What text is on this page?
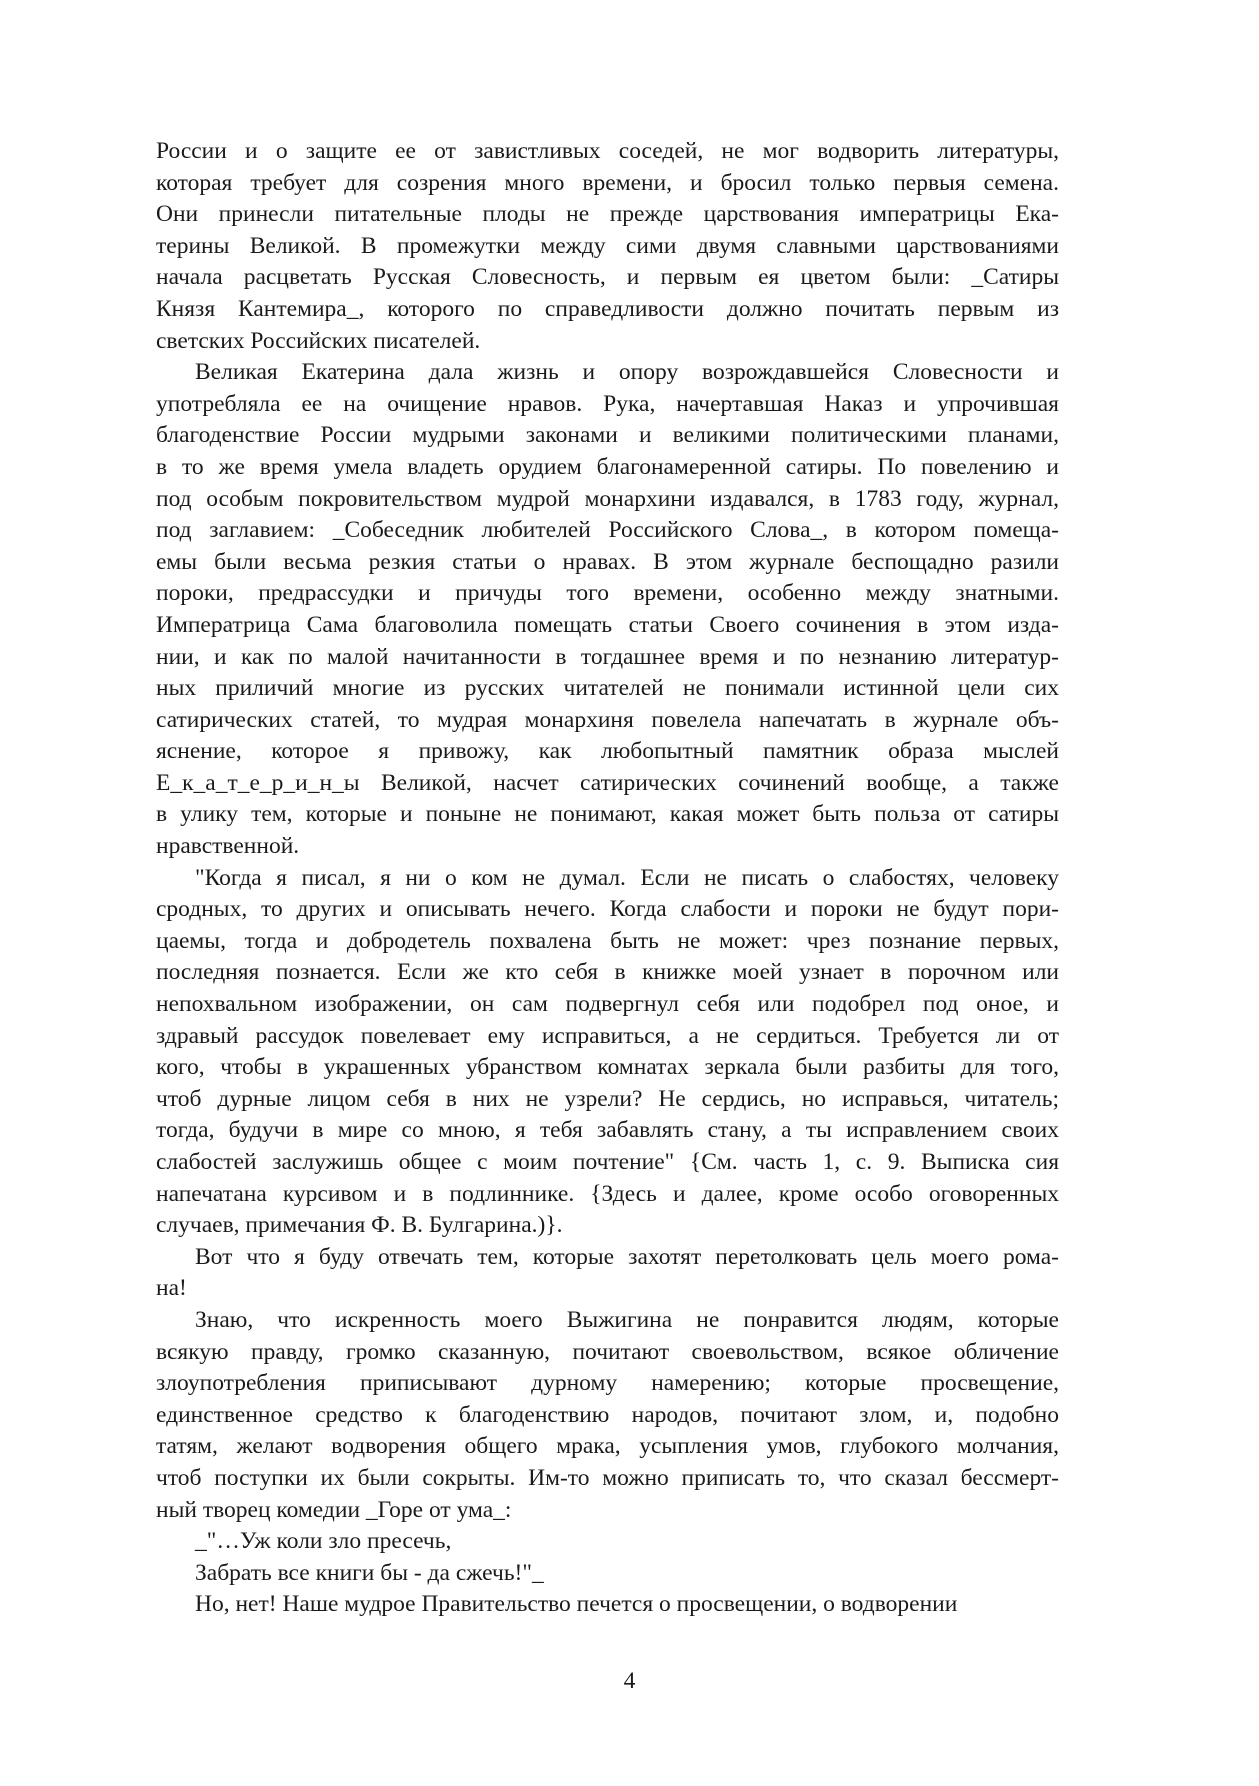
России и о защите ее от завистливых соседей, не мог водворить литературы,
которая требует для созрения много времени, и бросил только первыя семена.
Они принесли питательные плоды не прежде царствования императрицы Ека-
терины Великой. В промежутки между сими двумя славными царствованиями
начала расцветать Русская Словесность, и первым ея цветом были: _Сатиры
Князя Кантемира_, которого по справедливости должно почитать первым из
светских Российских писателей.

Великая Екатерина дала жизнь и опору возрождавшейся Словесности и
употребляла ее на очищение нравов. Рука, начертавшая Наказ и упрочившая
благоденствие России мудрыми законами и великими политическими планами,
в то же время умела владеть орудием благонамеренной сатиры. По повелению и
под особым покровительством мудрой монархини издавался, в 1783 году, журнал,
под заглавием: _Собеседник любителей Российского Слова_, в котором помеща-
емы были весьма резкия статьи о нравах. В этом журнале беспощадно разили
пороки, предрассудки и причуды того времени, особенно между знатными.
Императрица Сама благоволила помещать статьи Своего сочинения в этом изда-
нии, и как по малой начитанности в тогдашнее время и по незнанию литератур-
ных приличий многие из русских читателей не понимали истинной цели сих
сатирических статей, то мудрая монархиня повелела напечатать в журнале объ-
яснение, которое я привожу, как любопытный памятник образа мыслей
Е_к_а_т_е_р_и_н_ы Великой, насчет сатирических сочинений вообще, а также
в улику тем, которые и поныне не понимают, какая может быть польза от сатиры
нравственной.

"Когда я писал, я ни о ком не думал. Если не писать о слабостях, человеку
сродных, то других и описывать нечего. Когда слабости и пороки не будут пори-
цаемы, тогда и добродетель похвалена быть не может: чрез познание первых,
последняя познается. Если же кто себя в книжке моей узнает в порочном или
непохвальном изображении, он сам подвергнул себя или подобрел под оное, и
здравый рассудок повелевает ему исправиться, а не сердиться. Требуется ли от
кого, чтобы в украшенных убранством комнатах зеркала были разбиты для того,
чтоб дурные лицом себя в них не узрели? Не сердись, но исправься, читатель;
тогда, будучи в мире со мною, я тебя забавлять стану, а ты исправлением своих
слабостей заслужишь общее с моим почтение" {См. часть 1, с. 9. Выписка сия
напечатана курсивом и в подлиннике. {Здесь и далее, кроме особо оговоренных
случаев, примечания Ф. В. Булгарина.)}.

Вот что я буду отвечать тем, которые захотят перетолковать цель моего рома-
на!

Знаю, что искренность моего Выжигина не понравится людям, которые
всякую правду, громко сказанную, почитают своевольством, всякое обличение
злоупотребления приписывают дурному намерению; которые просвещение,
единственное средство к благоденствию народов, почитают злом, и, подобно
татям, желают водворения общего мрака, усыпления умов, глубокого молчания,
чтоб поступки их были сокрыты. Им-то можно приписать то, что сказал бессмерт-
ный творец комедии _Горе от ума_:

_"…Уж коли зло пресечь,

Забрать все книги бы - да сжечь!"_

Но, нет! Наше мудрое Правительство печется о просвещении, о водворении

4
